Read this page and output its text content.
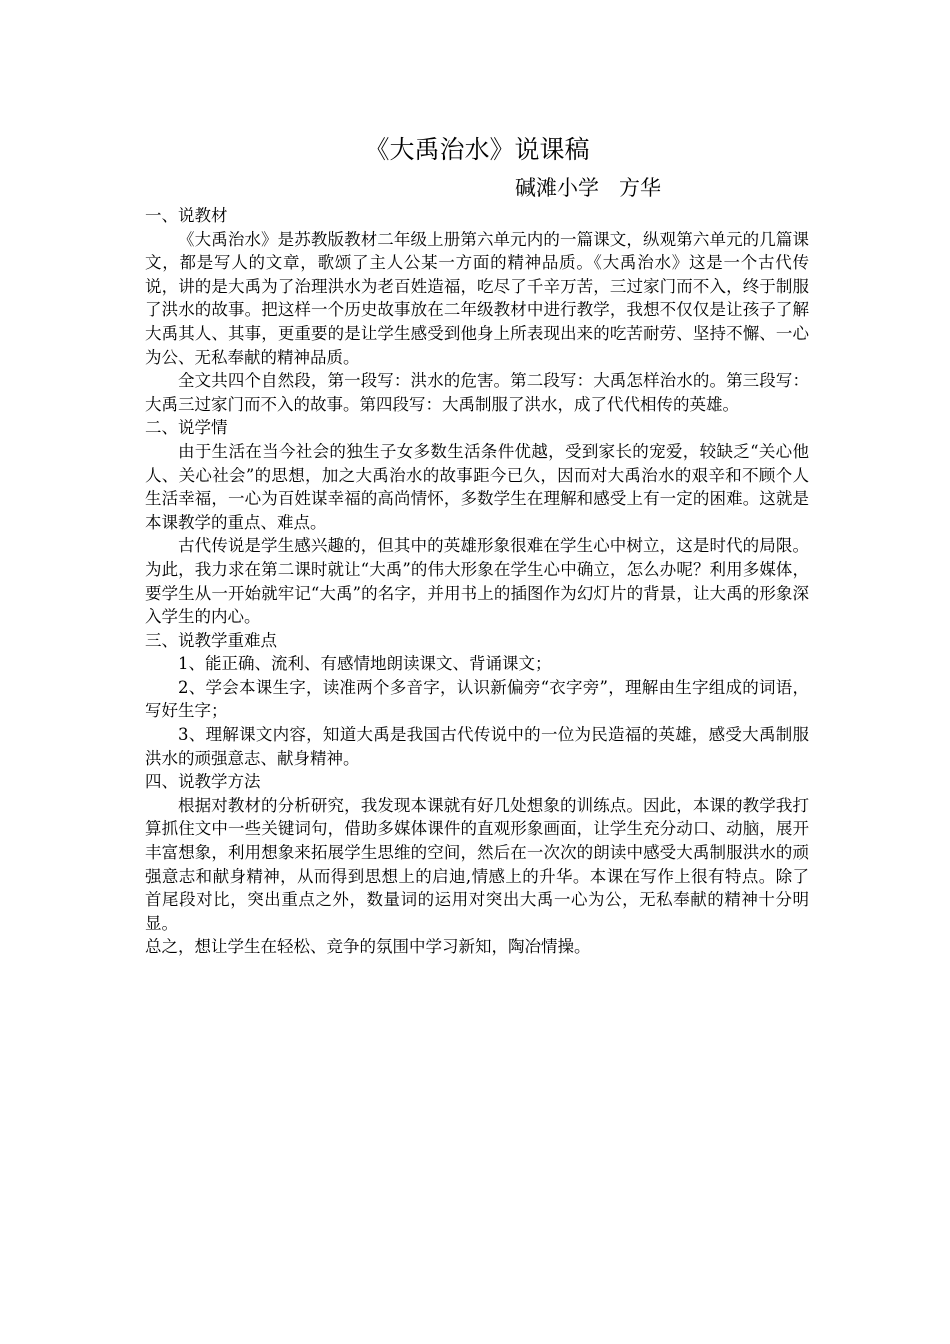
《大禹治水》说课稿
碱滩小学   方华
一、说教材

《大禹治水》是苏教版教材二年级上册第六单元内的一篇课文，纵观第六单元的几篇课文，都是写人的文章，歌颂了主人公某一方面的精神品质。《大禹治水》这是一个古代传说，讲的是大禹为了治理洪水为老百姓造福，吃尽了千辛万苦，三过家门而不入，终于制服了洪水的故事。把这样一个历史故事放在二年级教材中进行教学，我想不仅仅是让孩子了解大禹其人、其事，更重要的是让学生感受到他身上所表现出来的吃苦耐劳、坚持不懈、一心为公、无私奉献的精神品质。

全文共四个自然段，第一段写：洪水的危害。第二段写：大禹怎样治水的。第三段写：大禹三过家门而不入的故事。第四段写：大禹制服了洪水，成了代代相传的英雄。

二、说学情

由于生活在当今社会的独生子女多数生活条件优越，受到家长的宠爱，较缺乏“关心他人、关心社会”的思想，加之大禹治水的故事距今已久，因而对大禹治水的艰辛和不顾个人生活幸福，一心为百姓谋幸福的高尚情怀，多数学生在理解和感受上有一定的困难。这就是本课教学的重点、难点。

古代传说是学生感兴趣的，但其中的英雄形象很难在学生心中树立，这是时代的局限。为此，我力求在第二课时就让“大禹”的伟大形象在学生心中确立，怎么办呢？利用多媒体，要学生从一开始就牢记“大禹”的名字，并用书上的插图作为幻灯片的背景，让大禹的形象深入学生的内心。

三、说教学重难点

1、能正确、流利、有感情地朗读课文、背诵课文；

2、学会本课生字，读准两个多音字，认识新偏旁“衣字旁”，理解由生字组成的词语，写好生字；

3、理解课文内容，知道大禹是我国古代传说中的一位为民造福的英雄，感受大禹制服洪水的顽强意志、献身精神。

四、说教学方法

根据对教材的分析研究，我发现本课就有好几处想象的训练点。因此，本课的教学我打算抓住文中一些关键词句，借助多媒体课件的直观形象画面，让学生充分动口、动脑，展开丰富想象，利用想象来拓展学生思维的空间，然后在一次次的朗读中感受大禹制服洪水的顽强意志和献身精神，从而得到思想上的启迪,情感上的升华。本课在写作上很有特点。除了首尾段对比，突出重点之外，数量词的运用对突出大禹一心为公，无私奉献的精神十分明显。

总之，想让学生在轻松、竞争的氛围中学习新知，陶冶情操。
